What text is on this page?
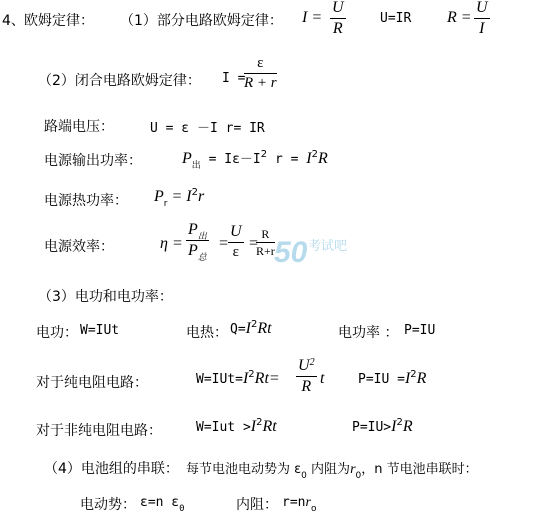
4、 欧姆定律： （1）部分电路欧姆定律： $I = \frac{U}{R}$	U=IR $R = \frac{U}{I}$
（2）闭合电路欧姆定律： I =
$\frac{\varepsilon}{R + r}$
路端电压：	U = ε －I r= IR
电源输出功率：	$P_出 = I\varepsilon-I^2$ $r = I^2R$
电源热功率： $P_r = I^2r$
电源效率：	η =
$P_出$
$P_总$
= $\frac{U}{\varepsilon}$ =
$\frac{R}{R+r} 50$ 考试吧
（3）电功和电功率：
电功： W=IUt	电热： $Q=I^2Rt$	电功率 ： P=IU
对于纯电阻电路：	$W=IUt=I^2Rt= \frac{U^2}{R}$ t	$P=IU =I^2R$
对于非纯电阻电路：	$W=Iut >I^2Rt$	$P=IU>I^2R$
（4）电池组的串联： 每节电池电动势为 $\varepsilon_0$ 内阻为$r_0$，n 节电池串联时：
电动势： ε=n $\varepsilon_0$	内阻： $r=nr_o$
